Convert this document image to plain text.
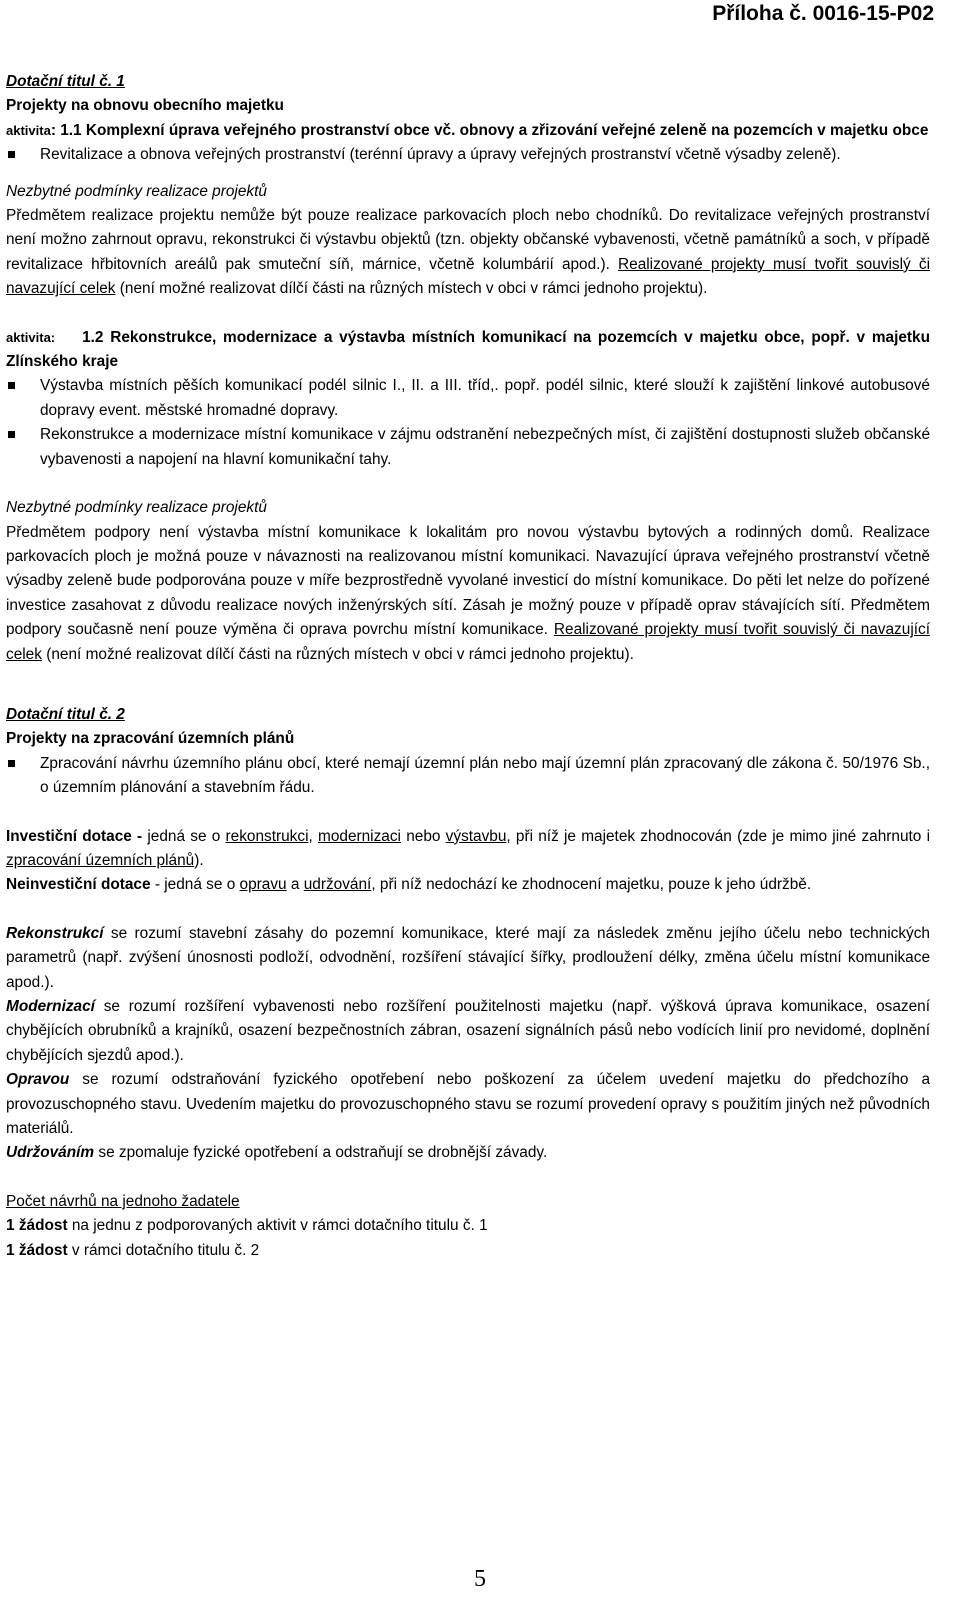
Příloha č. 0016-15-P02

Dotační titul č. 1

Projekty na obnovu obecního majetku

aktivita: 1.1 Komplexní úprava veřejného prostranství obce vč. obnovy a zřizování veřejné zeleně na pozemcích v majetku obce

Revitalizace a obnova veřejných prostranství (terénní úpravy a úpravy veřejných prostranství včetně výsadby zeleně).

Nezbytné podmínky realizace projektů

Předmětem realizace projektu nemůže být pouze realizace parkovacích ploch nebo chodníků. Do revitalizace veřejných prostranství není možno zahrnout opravu, rekonstrukci či výstavbu objektů (tzn. objekty občanské vybavenosti, včetně památníků a soch, v případě revitalizace hřbitovních areálů pak smuteční síň, márnice, včetně kolumbárií apod.). Realizované projekty musí tvořit souvislý či navazující celek (není možné realizovat dílčí části na různých místech v obci v rámci jednoho projektu).

aktivita: 1.2 Rekonstrukce, modernizace a výstavba místních komunikací na pozemcích v majetku obce, popř. v majetku Zlínského kraje

Výstavba místních pěších komunikací podél silnic I., II. a III. tříd,. popř. podél silnic, které slouží k zajištění linkové autobusové dopravy event. městské hromadné dopravy.
Rekonstrukce a modernizace místní komunikace v zájmu odstranění nebezpečných míst, či zajištění dostupnosti služeb občanské vybavenosti a napojení na hlavní komunikační tahy.

Nezbytné podmínky realizace projektů

Předmětem podpory není výstavba místní komunikace k lokalitám pro novou výstavbu bytových a rodinných domů. Realizace parkovacích ploch je možná pouze v návaznosti na realizovanou místní komunikaci. Navazující úprava veřejného prostranství včetně výsadby zeleně bude podporována pouze v míře bezprostředně vyvolané investicí do místní komunikace. Do pěti let nelze do pořízené investice zasahovat z důvodu realizace nových inženýrských sítí. Zásah je možný pouze v případě oprav stávajících sítí. Předmětem podpory současně není pouze výměna či oprava povrchu místní komunikace. Realizované projekty musí tvořit souvislý či navazující celek (není možné realizovat dílčí části na různých místech v obci v rámci jednoho projektu).

Dotační titul č. 2

Projekty na zpracování územních plánů

Zpracování návrhu územního plánu obcí, které nemají územní plán nebo mají územní plán zpracovaný dle zákona č. 50/1976 Sb., o územním plánování a stavebním řádu.

Investiční dotace - jedná se o rekonstrukci, modernizaci nebo výstavbu, při níž je majetek zhodnocován (zde je mimo jiné zahrnuto i zpracování územních plánů).

Neinvestiční dotace - jedná se o opravu a udržování, při níž nedochází ke zhodnocení majetku, pouze k jeho údržbě.

Rekonstrukcí se rozumí stavební zásahy do pozemní komunikace, které mají za následek změnu jejího účelu nebo technických parametrů (např. zvýšení únosnosti podloží, odvodnění, rozšíření stávající šířky, prodloužení délky, změna účelu místní komunikace apod.).

Modernizací se rozumí rozšíření vybavenosti nebo rozšíření použitelnosti majetku (např. výšková úprava komunikace, osazení chybějících obrubníků a krajníků, osazení bezpečnostních zábran, osazení signálních pásů nebo vodících linií pro nevidomé, doplnění chybějících sjezdů apod.).

Opravou se rozumí odstraňování fyzického opotřebení nebo poškození za účelem uvedení majetku do předchozího a provozuschopného stavu. Uvedením majetku do provozuschopného stavu se rozumí provedení opravy s použitím jiných než původních materiálů.

Udržováním se zpomaluje fyzické opotřebení a odstraňují se drobnější závady.

Počet návrhů na jednoho žadatele

1 žádost na jednu z podporovaných aktivit v rámci dotačního titulu č. 1

1 žádost v rámci dotačního titulu č. 2

5
